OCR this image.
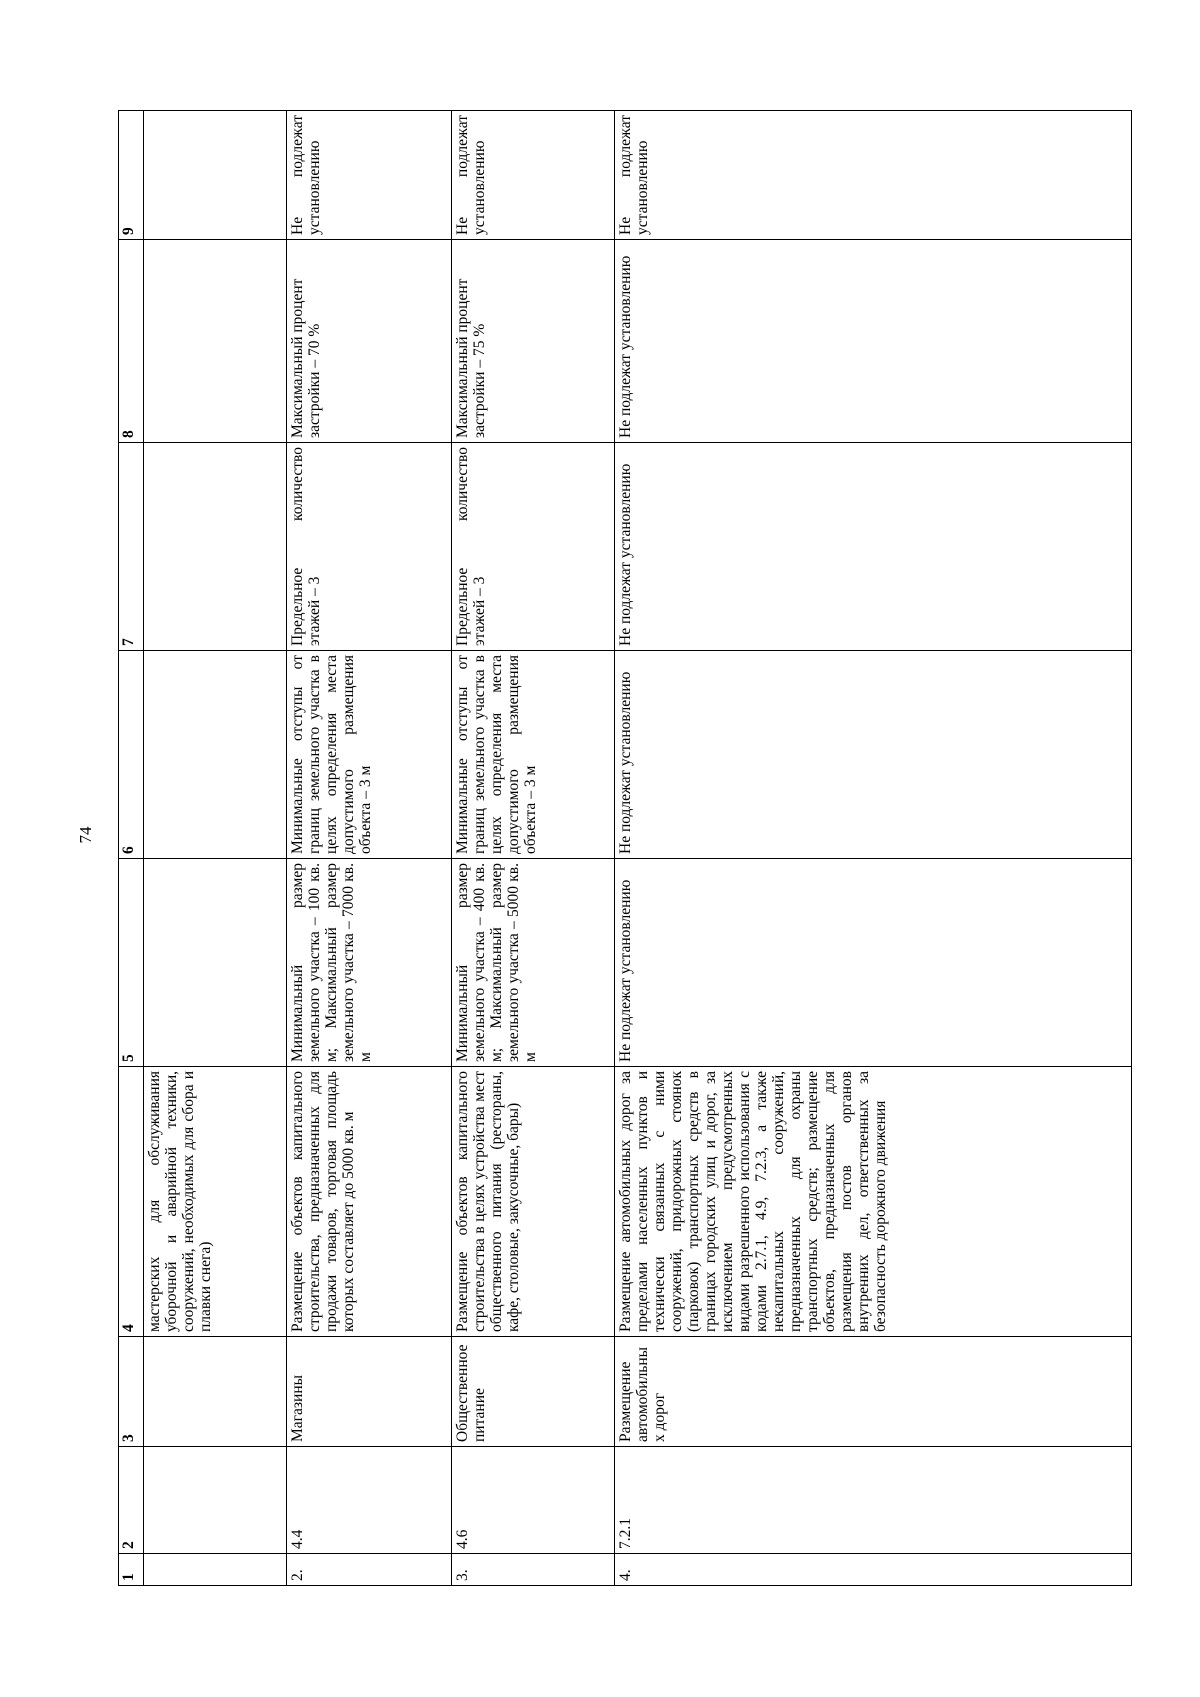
74
1	2	3	4	5	6	7	8	9
			мастерских для обслуживания уборочной и аварийной техники, сооружений, необходимых для сбора и плавки снега)					
2.	4.4	Магазины	Размещение объектов капитального строительства, предназначенных для продажи товаров, торговая площадь которых составляет до 5000 кв. м	Минимальный размер земельного участка – 100 кв. м; Максимальный размер земельного участка – 7000 кв. м	Минимальные отступы от границ земельного участка в целях определения места допустимого размещения объекта – 3 м	Предельное количество этажей – 3	Максимальный процент застройки – 70 %	Не подлежат установлению
3.	4.6	Общественное питание	Размещение объектов капитального строительства в целях устройства мест общественного питания (рестораны, кафе, столовые, закусочные, бары)	Минимальный размер земельного участка – 400 кв. м; Максимальный размер земельного участка – 5000 кв. м	Минимальные отступы от границ земельного участка в целях определения места допустимого размещения объекта – 3 м	Предельное количество этажей – 3	Максимальный процент застройки – 75 %	Не подлежат установлению
4.	7.2.1	Размещение автомобильных дорог	Размещение автомобильных дорог за пределами населенных пунктов и технически связанных с ними сооружений, придорожных стоянок (парковок) транспортных средств в границах городских улиц и дорог, за исключением предусмотренных видами разрешенного использования с кодами 2.7.1, 4.9, 7.2.3, а также некапитальных сооружений, предназначенных для охраны транспортных средств; размещение объектов, предназначенных для размещения постов органов внутренних дел, ответственных за безопасность дорожного движения	Не подлежат установлению	Не подлежат установлению	Не подлежат установлению	Не подлежат установлению	Не подлежат установлению
